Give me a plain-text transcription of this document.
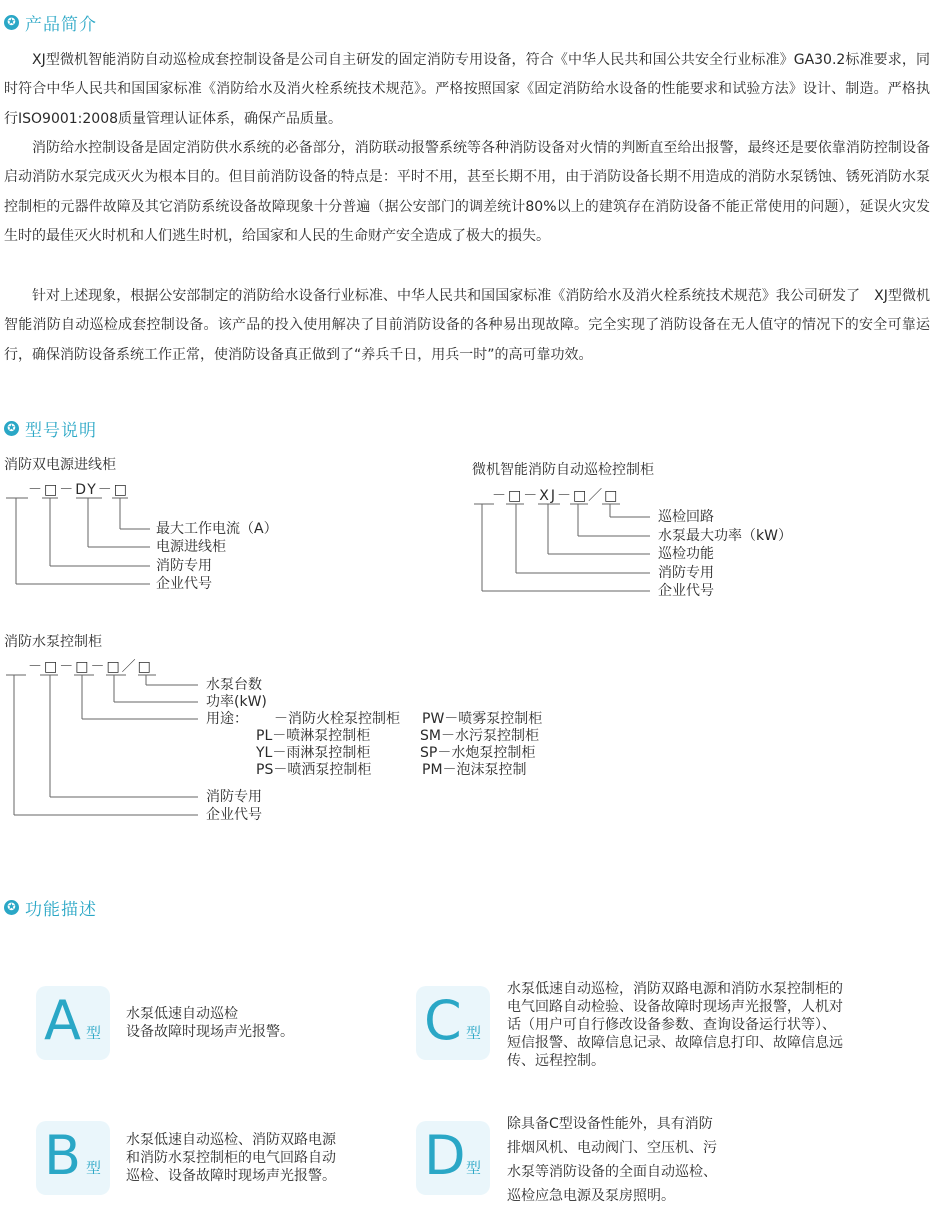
✪ 产品简介

XJ型微机智能消防自动巡检成套控制设备是公司自主研发的固定消防专用设备，符合《中华人民共和国公共安全行业标准》GA30.2标准要求，同时符合中华人民共和国国家标准《消防给水及消火栓系统技术规范》。严格按照国家《固定消防给水设备的性能要求和试验方法》设计、制造。严格执行ISO9001:2008质量管理认证体系，确保产品质量。

消防给水控制设备是固定消防供水系统的必备部分，消防联动报警系统等各种消防设备对火情的判断直至给出报警，最终还是要依靠消防控制设备启动消防水泵完成灭火为根本目的。但目前消防设备的特点是：平时不用，甚至长期不用，由于消防设备长期不用造成的消防水泵锈蚀、锈死消防水泵控制柜的元器件故障及其它消防系统设备故障现象十分普遍（据公安部门的调差统计80%以上的建筑存在消防设备不能正常使用的问题），延误火灾发生时的最佳灭火时机和人们逃生时机，给国家和人民的生命财产安全造成了极大的损失。

针对上述现象，根据公安部制定的消防给水设备行业标准、中华人民共和国国家标准《消防给水及消火栓系统技术规范》我公司研发了　XJ型微机智能消防自动巡检成套控制设备。该产品的投入使用解决了目前消防设备的各种易出现故障。完全实现了消防设备在无人值守的情况下的安全可靠运行，确保消防设备系统工作正常，使消防设备真正做到了“养兵千日，用兵一时”的高可靠功效。

✪ 型号说明
消防双电源进线柜
－□－DY－□
最大工作电流（A）
电源进线柜
消防专用
企业代号
微机智能消防自动巡检控制柜
－□－XJ－□／□
巡检回路
水泵最大功率（kW）
巡检功能
消防专用
企业代号
消防水泵控制柜
－□－□－□／□
水泵台数
功率(kW)
用途： －消防火栓泵控制柜
PL－喷淋泵控制柜
YL－雨淋泵控制柜
PS－喷洒泵控制柜
PW－喷雾泵控制柜
SM－水污泵控制柜
SP－水炮泵控制柜
PM－泡沫泵控制
消防专用
企业代号
✪ 功能描述
A 型
水泵低速自动巡检
设备故障时现场声光报警。 C 型
水泵低速自动巡检，消防双路电源和消防水泵控制柜的
电气回路自动检验、设备故障时现场声光报警，人机对
话（用户可自行修改设备参数、查询设备运行状等）、
短信报警、故障信息记录、故障信息打印、故障信息远
传、远程控制。
B 型
水泵低速自动巡检、消防双路电源
和消防水泵控制柜的电气回路自动
巡检、设备故障时现场声光报警。 D 型
除具备C型设备性能外，具有消防
排烟风机、电动阀门、空压机、污
水泵等消防设备的全面自动巡检、
巡检应急电源及泵房照明。
